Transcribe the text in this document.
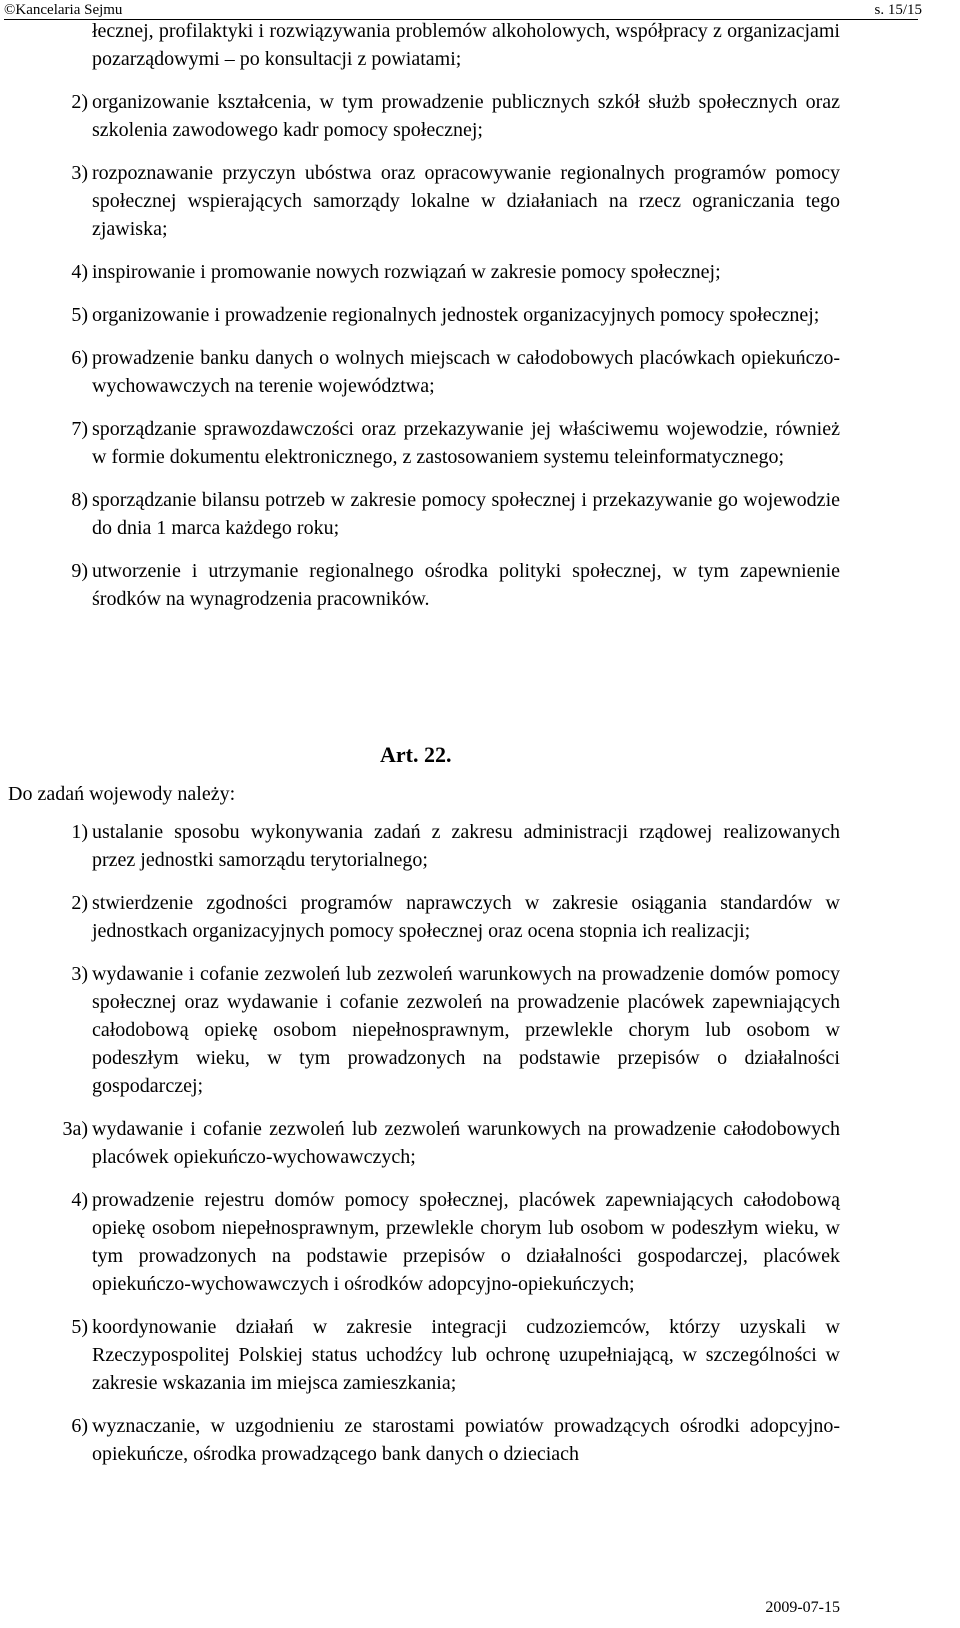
©Kancelaria Sejmu	s. 15/15
łecznej, profilaktyki i rozwiązywania problemów alkoholowych, współpracy z organizacjami pozarządowymi – po konsultacji z powiatami;
2) organizowanie kształcenia, w tym prowadzenie publicznych szkół służb społecznych oraz szkolenia zawodowego kadr pomocy społecznej;
3) rozpoznawanie przyczyn ubóstwa oraz opracowywanie regionalnych programów pomocy społecznej wspierających samorządy lokalne w działaniach na rzecz ograniczania tego zjawiska;
4) inspirowanie i promowanie nowych rozwiązań w zakresie pomocy społecznej;
5) organizowanie i prowadzenie regionalnych jednostek organizacyjnych pomocy społecznej;
6) prowadzenie banku danych o wolnych miejscach w całodobowych placówkach opiekuńczo-wychowawczych na terenie województwa;
7) sporządzanie sprawozdawczości oraz przekazywanie jej właściwemu wojewodzie, również w formie dokumentu elektronicznego, z zastosowaniem systemu teleinformatycznego;
8) sporządzanie bilansu potrzeb w zakresie pomocy społecznej i przekazywanie go wojewodzie do dnia 1 marca każdego roku;
9) utworzenie i utrzymanie regionalnego ośrodka polityki społecznej, w tym zapewnienie środków na wynagrodzenia pracowników.
Art. 22.
Do zadań wojewody należy:
1) ustalanie sposobu wykonywania zadań z zakresu administracji rządowej realizowanych przez jednostki samorządu terytorialnego;
2) stwierdzenie zgodności programów naprawczych w zakresie osiągania standardów w jednostkach organizacyjnych pomocy społecznej oraz ocena stopnia ich realizacji;
3) wydawanie i cofanie zezwoleń lub zezwoleń warunkowych na prowadzenie domów pomocy społecznej oraz wydawanie i cofanie zezwoleń na prowadzenie placówek zapewniających całodobową opiekę osobom niepełnosprawnym, przewlekle chorym lub osobom w podeszłym wieku, w tym prowadzonych na podstawie przepisów o działalności gospodarczej;
3a) wydawanie i cofanie zezwoleń lub zezwoleń warunkowych na prowadzenie całodobowych placówek opiekuńczo-wychowawczych;
4) prowadzenie rejestru domów pomocy społecznej, placówek zapewniających całodobową opiekę osobom niepełnosprawnym, przewlekle chorym lub osobom w podeszłym wieku, w tym prowadzonych na podstawie przepisów o działalności gospodarczej, placówek opiekuńczo-wychowawczych i ośrodków adopcyjno-opiekuńczych;
5) koordynowanie działań w zakresie integracji cudzoziemców, którzy uzyskali w Rzeczypospolitej Polskiej status uchodźcy lub ochronę uzupełniającą, w szczególności w zakresie wskazania im miejsca zamieszkania;
6) wyznaczanie, w uzgodnieniu ze starostami powiatów prowadzących ośrodki adopcyjno-opiekuńcze, ośrodka prowadzącego bank danych o dzieciach
2009-07-15
